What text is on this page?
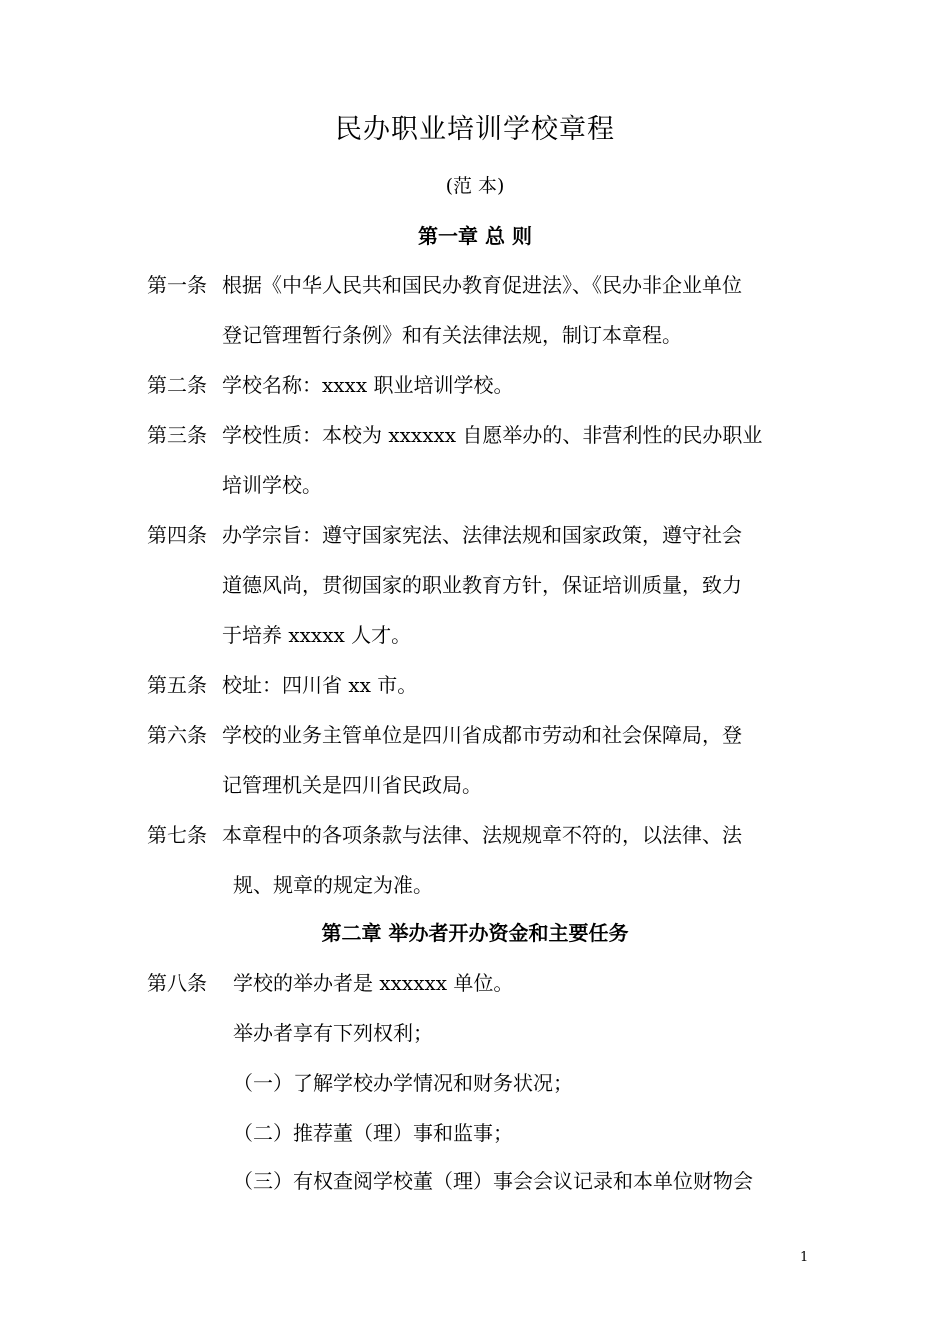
民办职业培训学校章程
(范 本)
第一章 总 则
第一条 根据《中华人民共和国民办教育促进法》、《民办非企业单位
登记管理暂行条例》和有关法律法规，制订本章程。
第二条 学校名称：xxxx 职业培训学校。
第三条 学校性质：本校为 xxxxxx 自愿举办的、非营利性的民办职业
培训学校。
第四条 办学宗旨：遵守国家宪法、法律法规和国家政策，遵守社会
道德风尚，贯彻国家的职业教育方针，保证培训质量，致力
于培养 xxxxx 人才。
第五条 校址：四川省 xx 市。
第六条 学校的业务主管单位是四川省成都市劳动和社会保障局，登
记管理机关是四川省民政局。
第七条 本章程中的各项条款与法律、法规规章不符的，以法律、法
规、规章的规定为准。
第二章 举办者开办资金和主要任务
第八条 学校的举办者是 xxxxxx 单位。
举办者享有下列权利；
（一）了解学校办学情况和财务状况；
（二）推荐董（理）事和监事；
（三）有权查阅学校董（理）事会会议记录和本单位财物会
1
